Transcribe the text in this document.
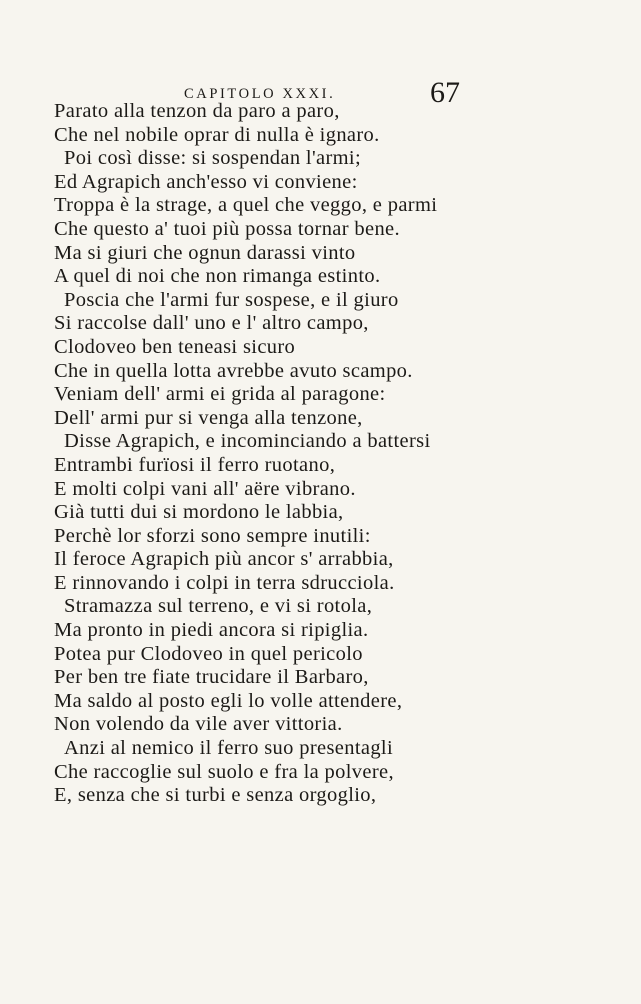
CAPITOLO XXXI.	67
Parato alla tenzon da paro a paro,
Che nel nobile oprar di nulla è ignaro.
Poi così disse: si sospendan l'armi;
Ed Agrapich anch'esso vi conviene:
Troppa è la strage, a quel che veggo, e parmi
Che questo a' tuoi più possa tornar bene.
Ma si giuri che ognun darassi vinto
A quel di noi che non rimanga estinto.
Poscia che l'armi fur sospese, e il giuro
Si raccolse dall' uno e l' altro campo,
Clodoveo ben teneasi sicuro
Che in quella lotta avrebbe avuto scampo.
Veniam dell' armi ei grida al paragone:
Dell' armi pur si venga alla tenzone,
Disse Agrapich, e incominciando a battersi
Entrambi furïosi il ferro ruotano,
E molti colpi vani all' aëre vibrano.
Già tutti dui si mordono le labbia,
Perchè lor sforzi sono sempre inutili:
Il feroce Agrapich più ancor s' arrabbia,
E rinnovando i colpi in terra sdrucciola.
Stramazza sul terreno, e vi si rotola,
Ma pronto in piedi ancora si ripiglia.
Potea pur Clodoveo in quel pericolo
Per ben tre fiate trucidare il Barbaro,
Ma saldo al posto egli lo volle attendere,
Non volendo da vile aver vittoria.
Anzi al nemico il ferro suo presentagli
Che raccoglie sul suolo e fra la polvere,
E, senza che si turbi e senza orgoglio,
